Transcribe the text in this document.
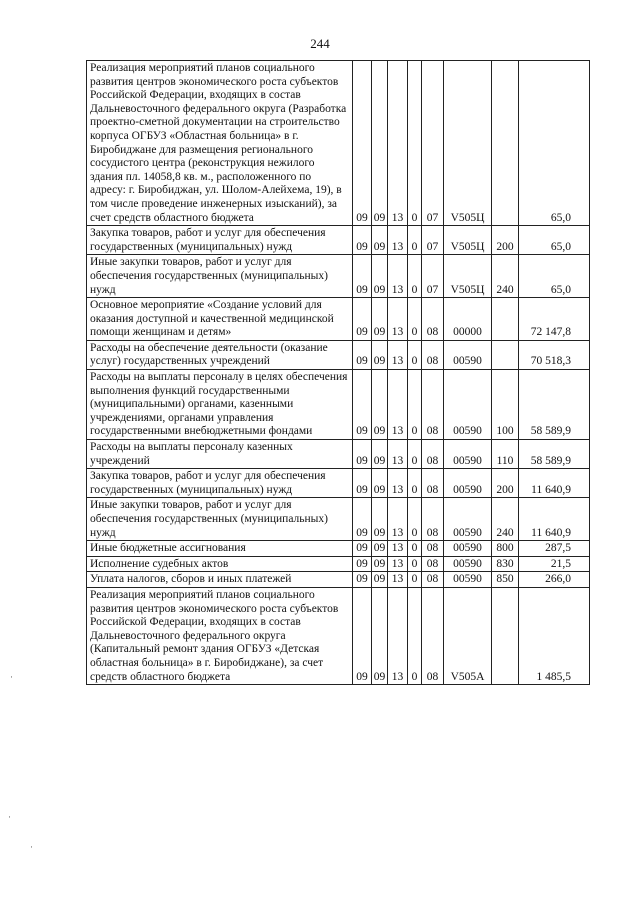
244
Реализация мероприятий планов социального развития центров экономического роста субъектов Российской Федерации, входящих в состав Дальневосточного федерального округа (Разработка проектно-сметной документации на строительство корпуса ОГБУЗ «Областная больница» в г. Биробиджане для размещения регионального сосудистого центра (реконструкция нежилого здания пл. 14058,8 кв. м., расположенного по адресу: г. Биробиджан, ул. Шолом-Алейхема, 19), в том числе проведение инженерных изысканий), за счет средств областного бюджета	09	09	13	0	07	V505Ц		65,0
Закупка товаров, работ и услуг для обеспечения государственных (муниципальных) нужд	09	09	13	0	07	V505Ц	200	65,0
Иные закупки товаров, работ и услуг для обеспечения государственных (муниципальных) нужд	09	09	13	0	07	V505Ц	240	65,0
Основное мероприятие «Создание условий для оказания доступной и качественной медицинской помощи женщинам и детям»	09	09	13	0	08	00000		72 147,8
Расходы на обеспечение деятельности (оказание услуг) государственных учреждений	09	09	13	0	08	00590		70 518,3
Расходы на выплаты персоналу в целях обеспечения выполнения функций государственными (муниципальными) органами, казенными учреждениями, органами управления государственными внебюджетными фондами	09	09	13	0	08	00590	100	58 589,9
Расходы на выплаты персоналу казенных учреждений	09	09	13	0	08	00590	110	58 589,9
Закупка товаров, работ и услуг для обеспечения государственных (муниципальных) нужд	09	09	13	0	08	00590	200	11 640,9
Иные закупки товаров, работ и услуг для обеспечения государственных (муниципальных) нужд	09	09	13	0	08	00590	240	11 640,9
Иные бюджетные ассигнования	09	09	13	0	08	00590	800	287,5
Исполнение судебных актов	09	09	13	0	08	00590	830	21,5
Уплата налогов, сборов и иных платежей	09	09	13	0	08	00590	850	266,0
Реализация мероприятий планов социального развития центров экономического роста субъектов Российской Федерации, входящих в состав Дальневосточного федерального округа (Капитальный ремонт здания ОГБУЗ «Детская областная больница» в г. Биробиджане), за счет средств областного бюджета	09	09	13	0	08	V505А		1 485,5
·
·
·
